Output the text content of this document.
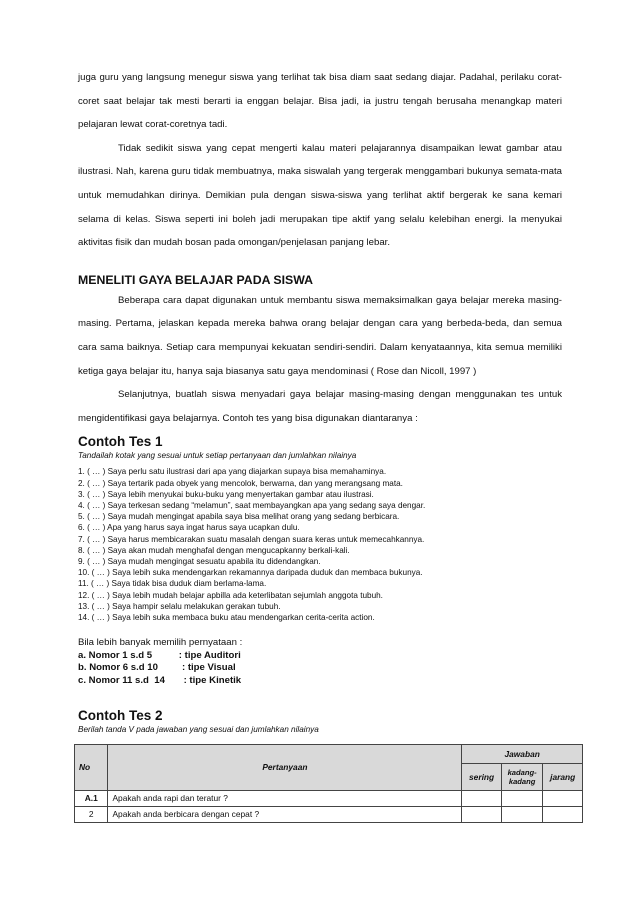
juga guru yang langsung menegur siswa yang terlihat tak bisa diam saat sedang diajar. Padahal, perilaku corat-coret saat belajar tak mesti berarti ia enggan belajar. Bisa jadi, ia justru tengah berusaha menangkap materi pelajaran lewat corat-coretnya tadi.

Tidak sedikit siswa yang cepat mengerti kalau materi pelajarannya disampaikan lewat gambar atau ilustrasi. Nah, karena guru tidak membuatnya, maka siswalah yang tergerak menggambari bukunya semata-mata untuk memudahkan dirinya. Demikian pula dengan siswa-siswa yang terlihat aktif bergerak ke sana kemari selama di kelas. Siswa seperti ini boleh jadi merupakan tipe aktif yang selalu kelebihan energi. Ia menyukai aktivitas fisik dan mudah bosan pada omongan/penjelasan panjang lebar.

MENELITI GAYA BELAJAR PADA SISWA

Beberapa cara dapat digunakan untuk membantu siswa memaksimalkan gaya belajar mereka masing-masing. Pertama, jelaskan kepada mereka bahwa orang belajar dengan cara yang berbeda-beda, dan semua cara sama baiknya. Setiap cara mempunyai kekuatan sendiri-sendiri. Dalam kenyataannya, kita semua memiliki ketiga gaya belajar itu, hanya saja biasanya satu gaya mendominasi ( Rose dan Nicoll, 1997 )

Selanjutnya, buatlah siswa menyadari gaya belajar masing-masing dengan menggunakan tes untuk mengidentifikasi gaya belajarnya. Contoh tes yang bisa digunakan diantaranya :

Contoh Tes 1

Tandailah kotak yang sesuai untuk setiap pertanyaan dan jumlahkan nilainya

1. ( … ) Saya perlu satu ilustrasi dari apa yang diajarkan supaya bisa memahaminya.
2. ( … ) Saya tertarik pada obyek yang mencolok, berwarna, dan yang merangsang mata.
3. ( … ) Saya lebih menyukai buku-buku yang menyertakan gambar atau ilustrasi.
4. ( … ) Saya terkesan sedang “melamun”, saat membayangkan apa yang sedang saya dengar.
5. ( … ) Saya mudah mengingat apabila saya bisa melihat orang yang sedang berbicara.
6. ( … ) Apa yang harus saya ingat harus saya ucapkan dulu.
7. ( … ) Saya harus membicarakan suatu masalah dengan suara keras untuk memecahkannya.
8. ( … ) Saya akan mudah menghafal dengan mengucapkanny berkali-kali.
9. ( … ) Saya mudah mengingat sesuatu apabila itu didendangkan.
10. ( … ) Saya lebih suka mendengarkan rekamannya daripada duduk dan membaca bukunya.
11. ( … ) Saya tidak bisa duduk diam berlama-lama.
12. ( … ) Saya lebih mudah belajar apbilla ada keterlibatan sejumlah anggota tubuh.
13. ( … ) Saya hampir selalu melakukan gerakan tubuh.
14. ( … ) Saya lebih suka membaca buku atau mendengarkan cerita-cerita action.

Bila lebih banyak memilih pernyataan :

a. Nomor 1 s.d 5          : tipe Auditori

b. Nomor 6 s.d 10         : tipe Visual

c. Nomor 11 s.d  14       : tipe Kinetik

Contoh Tes 2

Berilah tanda V pada jawaban yang sesuai dan jumlahkan nilainya

No	Pertanyaan	Jawaban		
		sering	kadang-kadang	jarang
A.1	Apakah anda rapi dan teratur ?			
2	Apakah anda berbicara dengan cepat ?			
